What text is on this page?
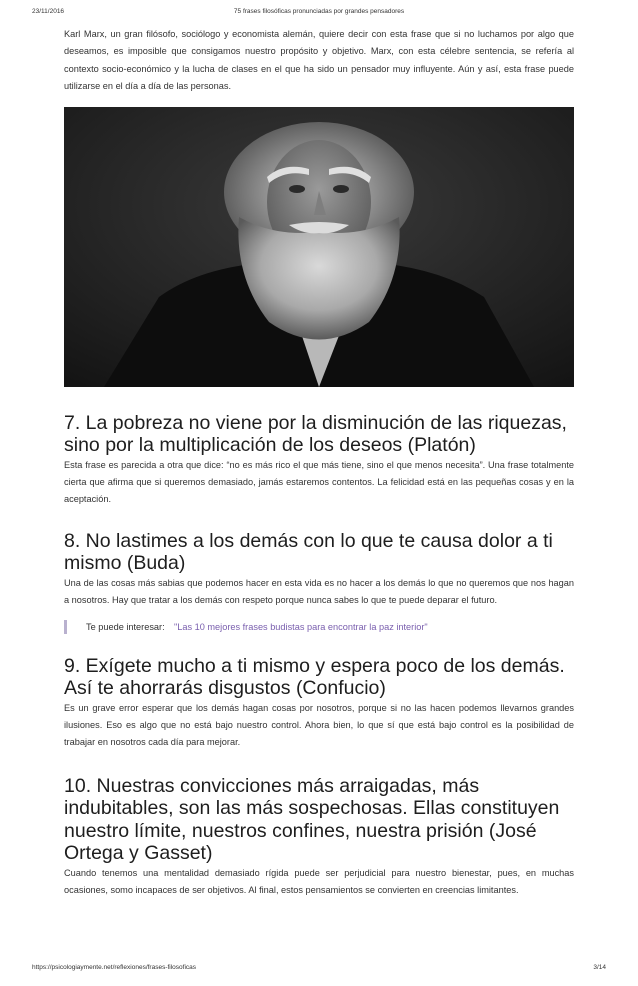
23/11/2016	75 frases filosóficas pronunciadas por grandes pensadores

Karl Marx, un gran filósofo, sociólogo y economista alemán, quiere decir con esta frase que si no luchamos por algo que deseamos, es imposible que consigamos nuestro propósito y objetivo. Marx, con esta célebre sentencia, se refería al contexto socio-económico y la lucha de clases en el que ha sido un pensador muy influyente. Aún y así, esta frase puede utilizarse en el día a día de las personas.

7. La pobreza no viene por la disminución de las riquezas, sino por la multiplicación de los deseos (Platón)

Esta frase es parecida a otra que dice: “no es más rico el que más tiene, sino el que menos necesita”. Una frase totalmente cierta que afirma que si queremos demasiado, jamás estaremos contentos. La felicidad está en las pequeñas cosas y en la aceptación.

8. No lastimes a los demás con lo que te causa dolor a ti mismo (Buda)

Una de las cosas más sabias que podemos hacer en esta vida es no hacer a los demás lo que no queremos que nos hagan a nosotros. Hay que tratar a los demás con respeto porque nunca sabes lo que te puede deparar el futuro.

Te puede interesar: "Las 10 mejores frases budistas para encontrar la paz interior"
9. Exígete mucho a ti mismo y espera poco de los demás. Así te ahorrarás disgustos (Confucio)

Es un grave error esperar que los demás hagan cosas por nosotros, porque si no las hacen podemos llevarnos grandes ilusiones. Eso es algo que no está bajo nuestro control. Ahora bien, lo que sí que está bajo control es la posibilidad de trabajar en nosotros cada día para mejorar.

10. Nuestras convicciones más arraigadas, más indubitables, son las más sospechosas. Ellas constituyen nuestro límite, nuestros confines, nuestra prisión (José Ortega y Gasset)

Cuando tenemos una mentalidad demasiado rígida puede ser perjudicial para nuestro bienestar, pues, en muchas ocasiones, somo incapaces de ser objetivos. Al final, estos pensamientos se convierten en creencias limitantes.

https://psicologiaymente.net/reflexiones/frases-filosoficas	3/14
